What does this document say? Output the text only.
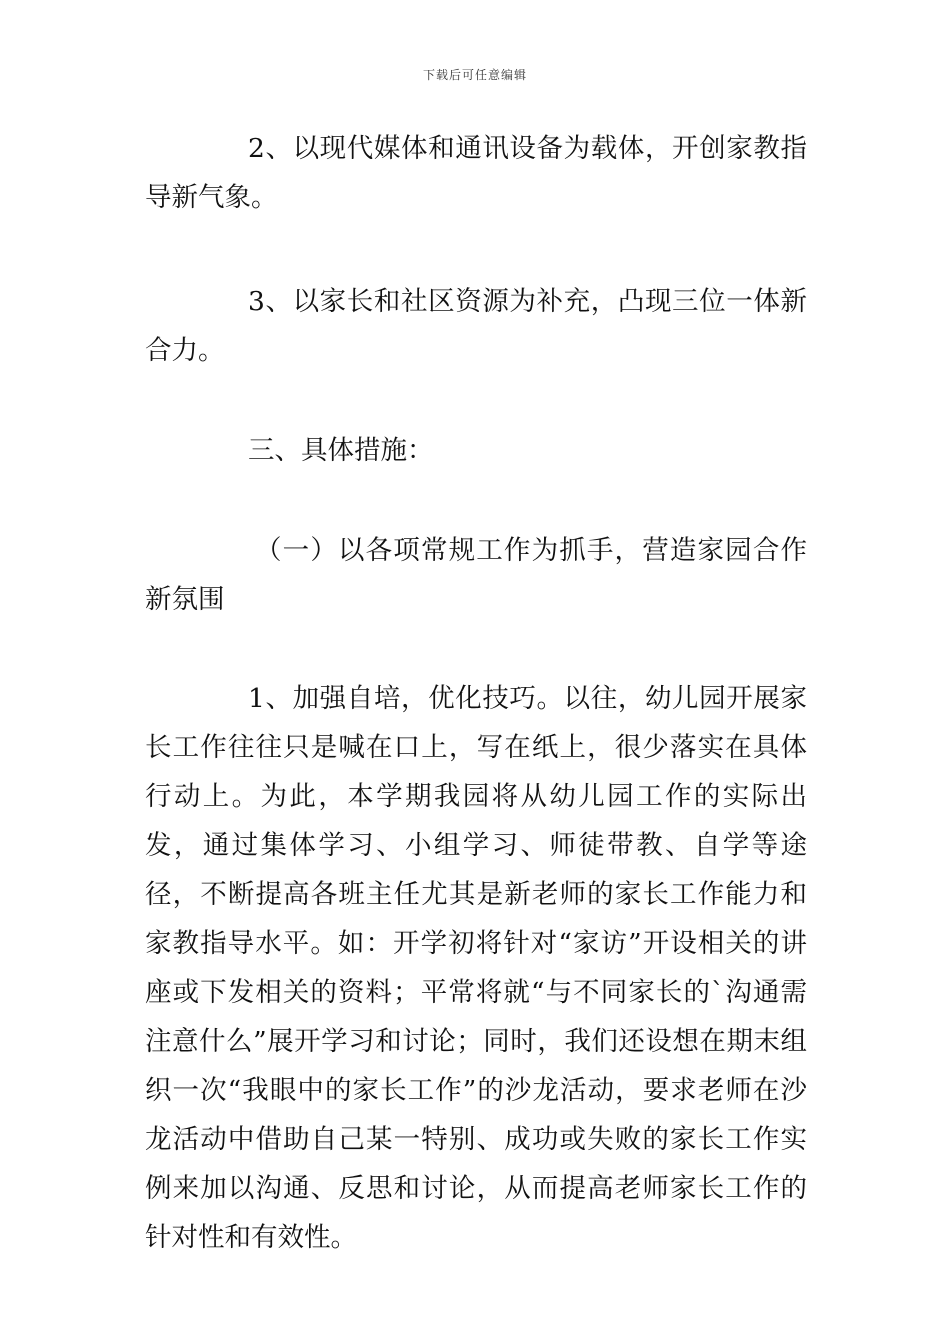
下载后可任意编辑

2、以现代媒体和通讯设备为载体，开创家教指导新气象。

3、以家长和社区资源为补充，凸现三位一体新合力。

三、具体措施：

（一）以各项常规工作为抓手，营造家园合作新氛围

1、加强自培，优化技巧。以往，幼儿园开展家长工作往往只是喊在口上，写在纸上，很少落实在具体行动上。为此，本学期我园将从幼儿园工作的实际出发，通过集体学习、小组学习、师徒带教、自学等途径，不断提高各班主任尤其是新老师的家长工作能力和家教指导水平。如：开学初将针对“家访”开设相关的讲座或下发相关的资料；平常将就“与不同家长的`沟通需注意什么”展开学习和讨论；同时，我们还设想在期末组织一次“我眼中的家长工作”的沙龙活动，要求老师在沙龙活动中借助自己某一特别、成功或失败的家长工作实例来加以沟通、反思和讨论，从而提高老师家长工作的针对性和有效性。
